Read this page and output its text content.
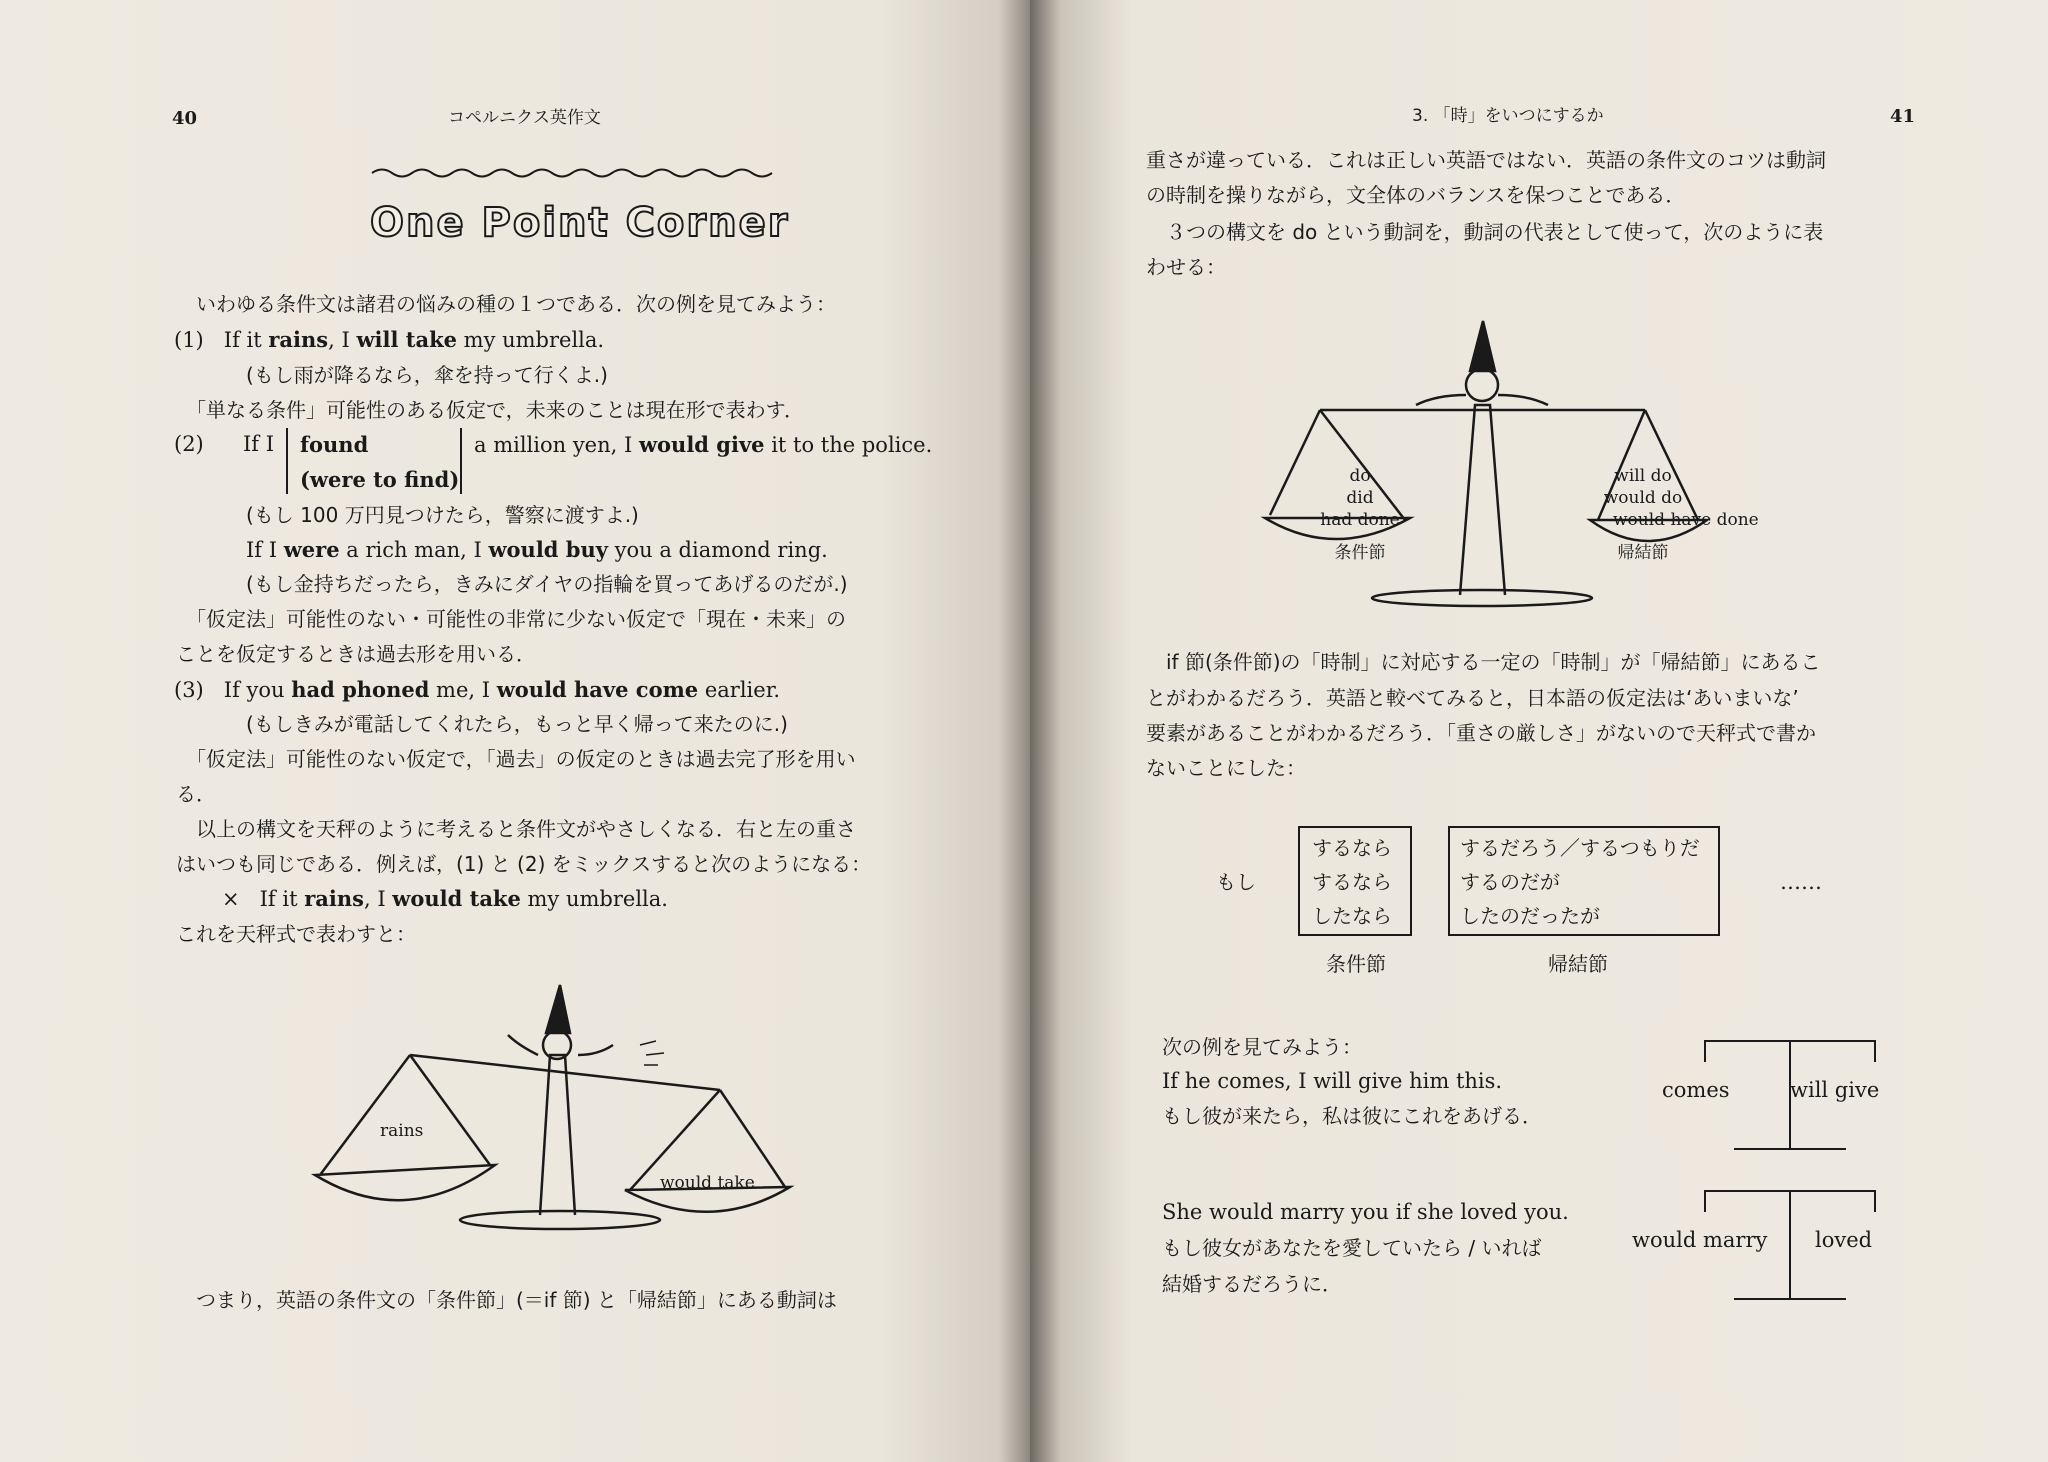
40	コペルニクス英作文
One Point Corner
いわゆる条件文は諸君の悩みの種の１つである．次の例を見てみよう：
(1) If it rains, I will take my umbrella.
(もし雨が降るなら，傘を持って行くよ.)
「単なる条件」可能性のある仮定で，未来のことは現在形で表わす．
(2) If I found
(were to find)
a million yen, I would give it to the police.
(もし 100 万円見つけたら，警察に渡すよ.)
If I were a rich man, I would buy you a diamond ring.
(もし金持ちだったら，きみにダイヤの指輪を買ってあげるのだが.)
「仮定法」可能性のない・可能性の非常に少ない仮定で「現在・未来」の
ことを仮定するときは過去形を用いる．
(3) If you had phoned me, I would have come earlier.
(もしきみが電話してくれたら，もっと早く帰って来たのに.)
「仮定法」可能性のない仮定で，「過去」の仮定のときは過去完了形を用い
る．
以上の構文を天秤のように考えると条件文がやさしくなる．右と左の重さ
はいつも同じである．例えば，(1) と (2) をミックスすると次のようになる：
× If it rains, I would take my umbrella.
これを天秤式で表わすと：
rains
would take
つまり，英語の条件文の「条件節」(＝if 節) と「帰結節」にある動詞は
3. 「時」をいつにするか	41
重さが違っている．これは正しい英語ではない．英語の条件文のコツは動詞
の時制を操りながら，文全体のバランスを保つことである．
３つの構文を do という動詞を，動詞の代表として使って，次のように表
わせる：
do
did
had done
条件節
will do
would do
would have done
帰結節
if 節(条件節)の「時制」に対応する一定の「時制」が「帰結節」にあるこ
とがわかるだろう．英語と較べてみると，日本語の仮定法は‘あいまいな’
要素があることがわかるだろう．「重さの厳しさ」がないので天秤式で書か
ないことにした：
もし
するなら
するなら
したなら
するだろう／するつもりだ
するのだが
したのだったが
……
条件節	帰結節
次の例を見てみよう：
If he comes, I will give him this.
もし彼が来たら，私は彼にこれをあげる．
comes	will give
She would marry you if she loved you.
もし彼女があなたを愛していたら / いれば
結婚するだろうに．
would marry loved
